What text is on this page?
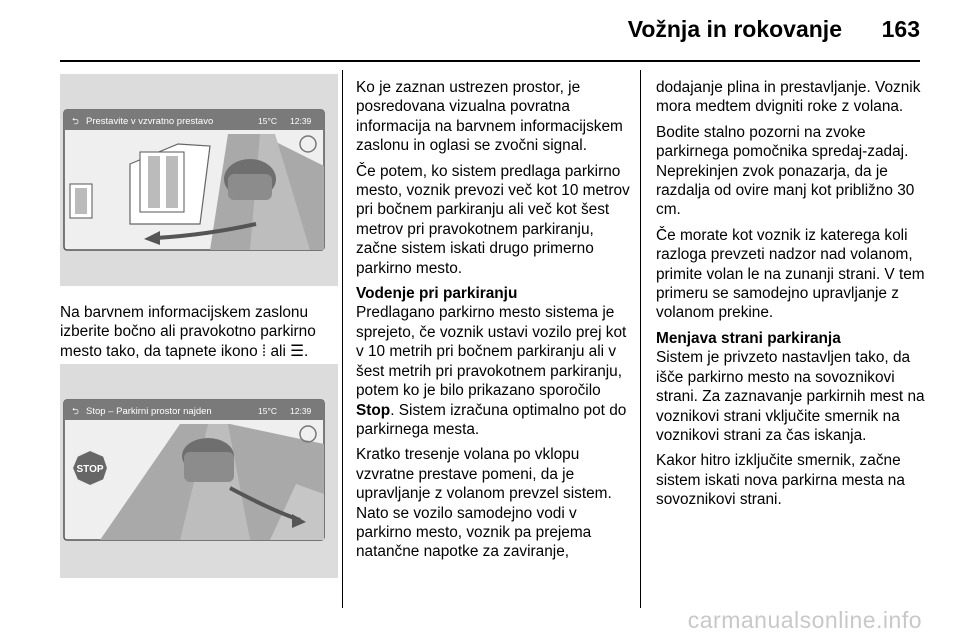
Vožnja in rokovanje 163
⮌ Prestavite v vzvratno prestavo	15°C 12:39
Na barvnem informacijskem zaslonu
izberite bočno ali pravokotno parkirno
mesto tako, da tapnete ikono ⁞ ali ☰.
⮌ Stop – Parkirni prostor najden	15°C 12:39
STOP

Ko je zaznan ustrezen prostor, je posredovana vizualna povratna informacija na barvnem informacijskem zaslonu in oglasi se zvočni signal.

Če potem, ko sistem predlaga parkirno mesto, voznik prevozi več kot 10 metrov pri bočnem parkiranju ali več kot šest metrov pri pravokotnem parkiranju, začne sistem iskati drugo primerno parkirno mesto.

Vodenje pri parkiranju

Predlagano parkirno mesto sistema je sprejeto, če voznik ustavi vozilo prej kot v 10 metrih pri bočnem parkiranju ali v šest metrih pri pravokotnem parkiranju, potem ko je bilo prikazano sporočilo Stop. Sistem izračuna optimalno pot do parkirnega mesta.

Kratko tresenje volana po vklopu vzvratne prestave pomeni, da je upravljanje z volanom prevzel sistem. Nato se vozilo samodejno vodi v parkirno mesto, voznik pa prejema natančne napotke za zaviranje,

dodajanje plina in prestavljanje. Voznik mora medtem dvigniti roke z volana.

Bodite stalno pozorni na zvoke parkirnega pomočnika spredaj-zadaj. Neprekinjen zvok ponazarja, da je razdalja od ovire manj kot približno 30 cm.

Če morate kot voznik iz katerega koli razloga prevzeti nadzor nad volanom, primite volan le na zunanji strani. V tem primeru se samodejno upravljanje z volanom prekine.

Menjava strani parkiranja

Sistem je privzeto nastavljen tako, da išče parkirno mesto na sovoznikovi strani. Za zaznavanje parkirnih mest na voznikovi strani vključite smernik na voznikovi strani za čas iskanja.

Kakor hitro izključite smernik, začne sistem iskati nova parkirna mesta na sovoznikovi strani.

carmanualsonline.info
